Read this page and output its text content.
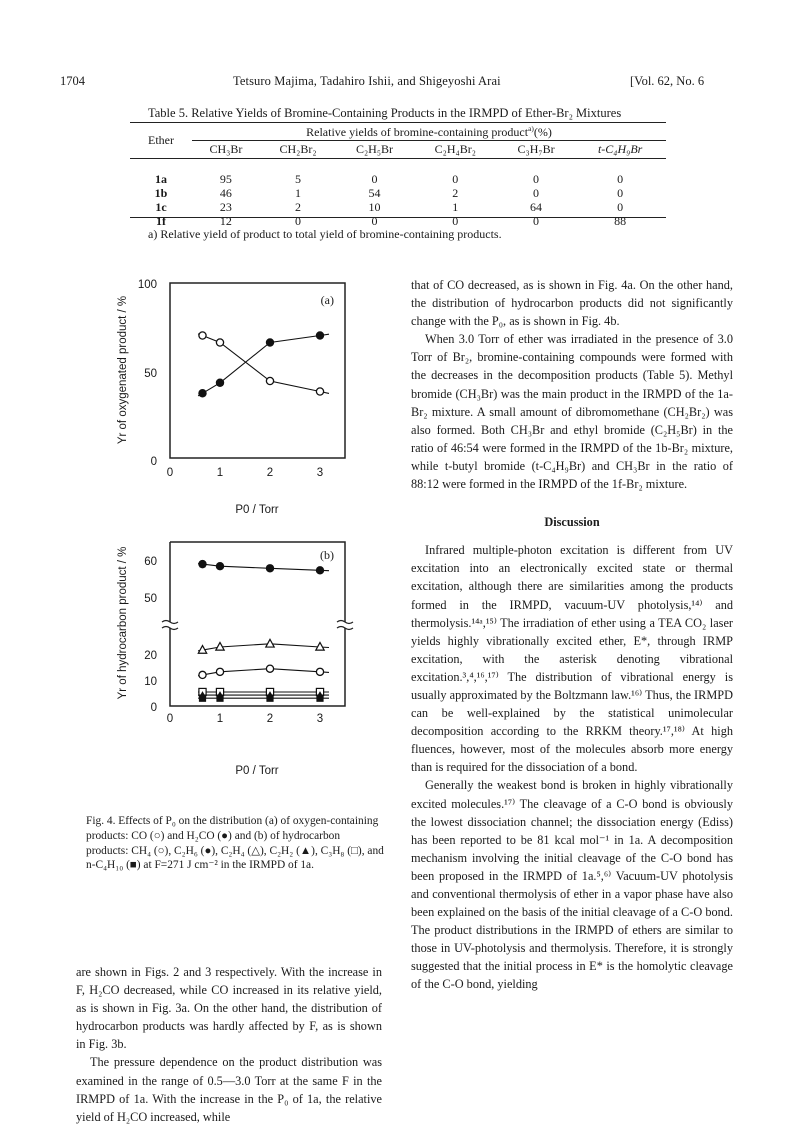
1704	Tetsuro Majima, Tadahiro Ishii, and Shigeyoshi Arai	[Vol. 62, No. 6
Table 5. Relative Yields of Bromine-Containing Products in the IRMPD of Ether-Br₂ Mixtures
Ether	Relative yields of bromine-containing product$^{a)}$(%)					
	CH₃Br	CH₂Br₂	C₂H₅Br	C₂H₄Br₂	C₃H₇Br	t-C₄H₉Br

1a	95	5	0	0	0	0
1b	46	1	54	2	0	0
1c	23	2	10	1	64	0
1f	12	0	0	0	0	88
a) Relative yield of product to total yield of bromine-containing products.
100
50
0
0	1	2	3
(a)
P0 / Torr
Yr of oxygenated product / %
60
50
20
10
0
0	1	2	3
(b)
P0 / Torr
Yr of hydrocarbon product / %
Fig. 4. Effects of P₀ on the distribution (a) of oxygen-containing products: CO (○) and H₂CO (●) and (b) of hydrocarbon products: CH₄ (○), C₂H₆ (●), C₂H₄ (△), C₂H₂ (▲), C₃H₈ (□), and n-C₄H₁₀ (■) at F=271 J cm⁻² in the IRMPD of 1a.

are shown in Figs. 2 and 3 respectively. With the increase in F, H₂CO decreased, while CO increased in its relative yield, as is shown in Fig. 3a. On the other hand, the distribution of hydrocarbon products was hardly affected by F, as is shown in Fig. 3b.

The pressure dependence on the product distribution was examined in the range of 0.5—3.0 Torr at the same F in the IRMPD of 1a. With the increase in the P₀ of 1a, the relative yield of H₂CO increased, while

that of CO decreased, as is shown in Fig. 4a. On the other hand, the distribution of hydrocarbon products did not significantly change with the P₀, as is shown in Fig. 4b.

When 3.0 Torr of ether was irradiated in the presence of 3.0 Torr of Br₂, bromine-containing compounds were formed with the decreases in the decomposition products (Table 5). Methyl bromide (CH₃Br) was the main product in the IRMPD of the 1a-Br₂ mixture. A small amount of dibromomethane (CH₂Br₂) was also formed. Both CH₃Br and ethyl bromide (C₂H₅Br) in the ratio of 46:54 were formed in the IRMPD of the 1b-Br₂ mixture, while t-butyl bromide (t-C₄H₉Br) and CH₃Br in the ratio of 88:12 were formed in the IRMPD of the 1f-Br₂ mixture.

Discussion

Infrared multiple-photon excitation is different from UV excitation into an electronically excited state or thermal excitation, although there are similarities among the products formed in the IRMPD, vacuum-UV photolysis,¹⁴⁾ and thermolysis.¹⁴ᵃ,¹⁵⁾ The irradiation of ether using a TEA CO₂ laser yields highly vibrationally excited ether, E*, through IRMP excitation, with the asterisk denoting vibrational excitation.³,⁴,¹⁶,¹⁷⁾ The distribution of vibrational energy is usually approximated by the Boltzmann law.¹⁶⁾ Thus, the IRMPD can be well-explained by the statistical unimolecular decomposition according to the RRKM theory.¹⁷,¹⁸⁾ At high fluences, however, most of the molecules absorb more energy than is required for the dissociation of a bond.

Generally the weakest bond is broken in highly vibrationally excited molecules.¹⁷⁾ The cleavage of a C-O bond is obviously the lowest dissociation channel; the dissociation energy (Ediss) has been reported to be 81 kcal mol⁻¹ in 1a. A decomposition mechanism involving the initial cleavage of the C-O bond has been proposed in the IRMPD of 1a.⁵,⁶⁾ Vacuum-UV photolysis and conventional thermolysis of ether in a vapor phase have also been explained on the basis of the initial cleavage of a C-O bond. The product distributions in the IRMPD of ethers are similar to those in UV-photolysis and thermolysis. Therefore, it is strongly suggested that the initial process in E* is the homolytic cleavage of the C-O bond, yielding
